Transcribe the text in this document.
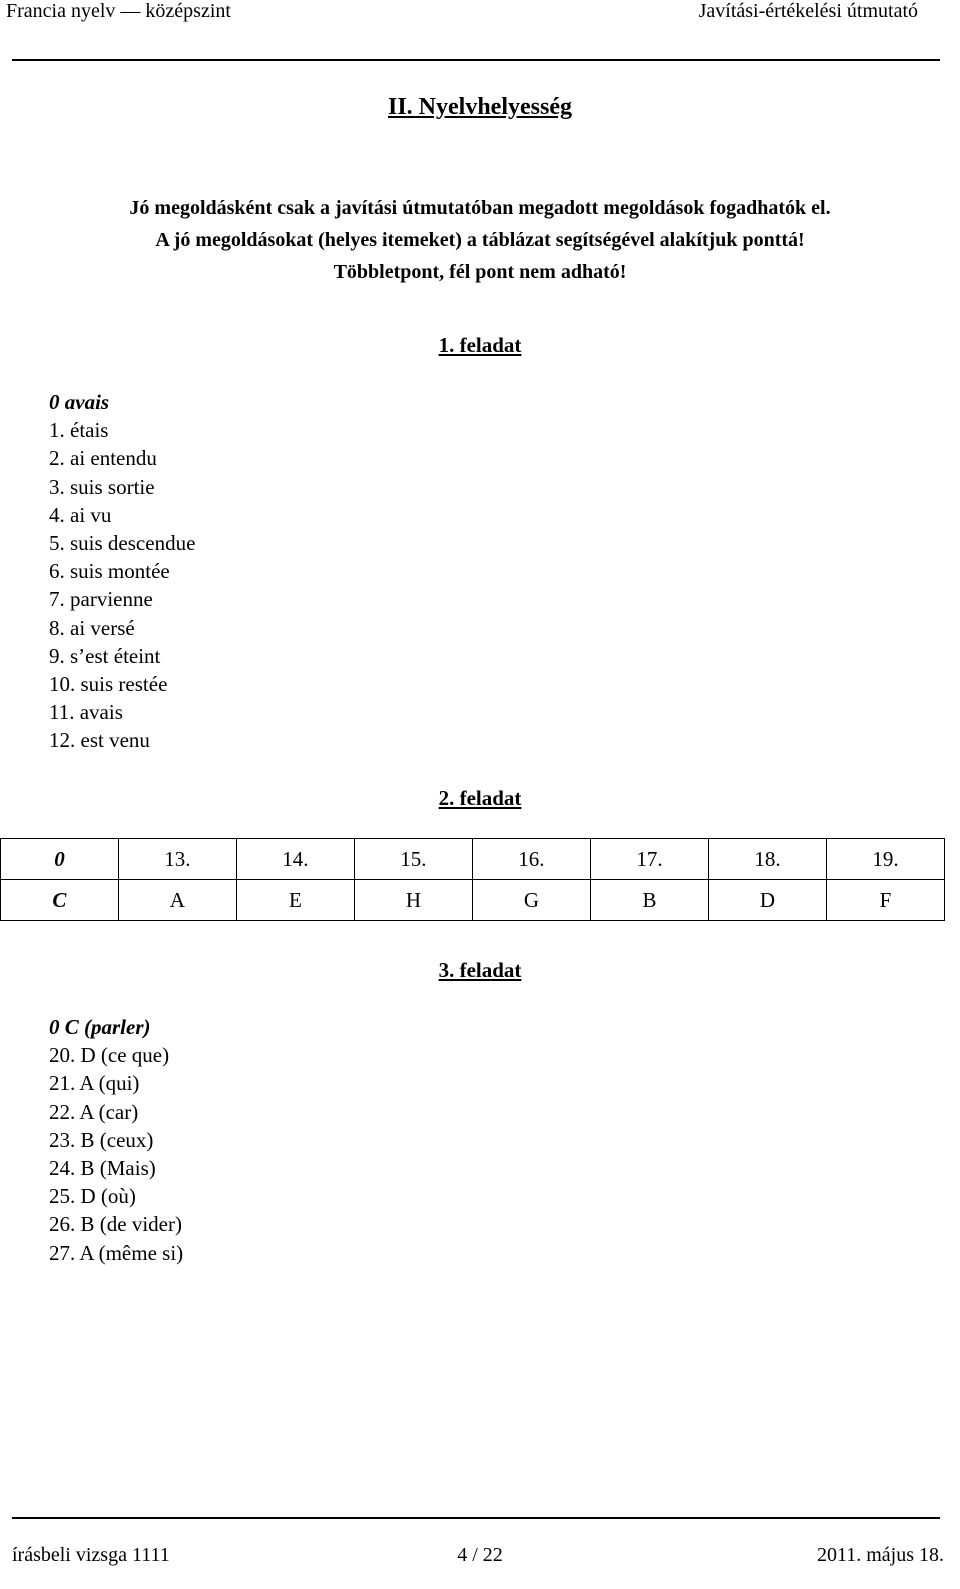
Francia nyelv — középszint	Javítási-értékelési útmutató
II. Nyelvhelyesség
Jó megoldásként csak a javítási útmutatóban megadott megoldások fogadhatók el.
A jó megoldásokat (helyes itemeket) a táblázat segítségével alakítjuk ponttá!
Többletpont, fél pont nem adható!
1. feladat
0 avais
1. étais
2. ai entendu
3. suis sortie
4. ai vu
5. suis descendue
6. suis montée
7. parvienne
8. ai versé
9. s’est éteint
10. suis restée
11. avais
12. est venu
2. feladat
0	13.	14.	15.	16.	17.	18.	19.
C	A	E	H	G	B	D	F
3. feladat
0 C (parler)
20. D (ce que)
21. A (qui)
22. A (car)
23. B (ceux)
24. B (Mais)
25. D (où)
26. B (de vider)
27. A (même si)
írásbeli vizsga 1111	4 / 22	2011. május 18.
